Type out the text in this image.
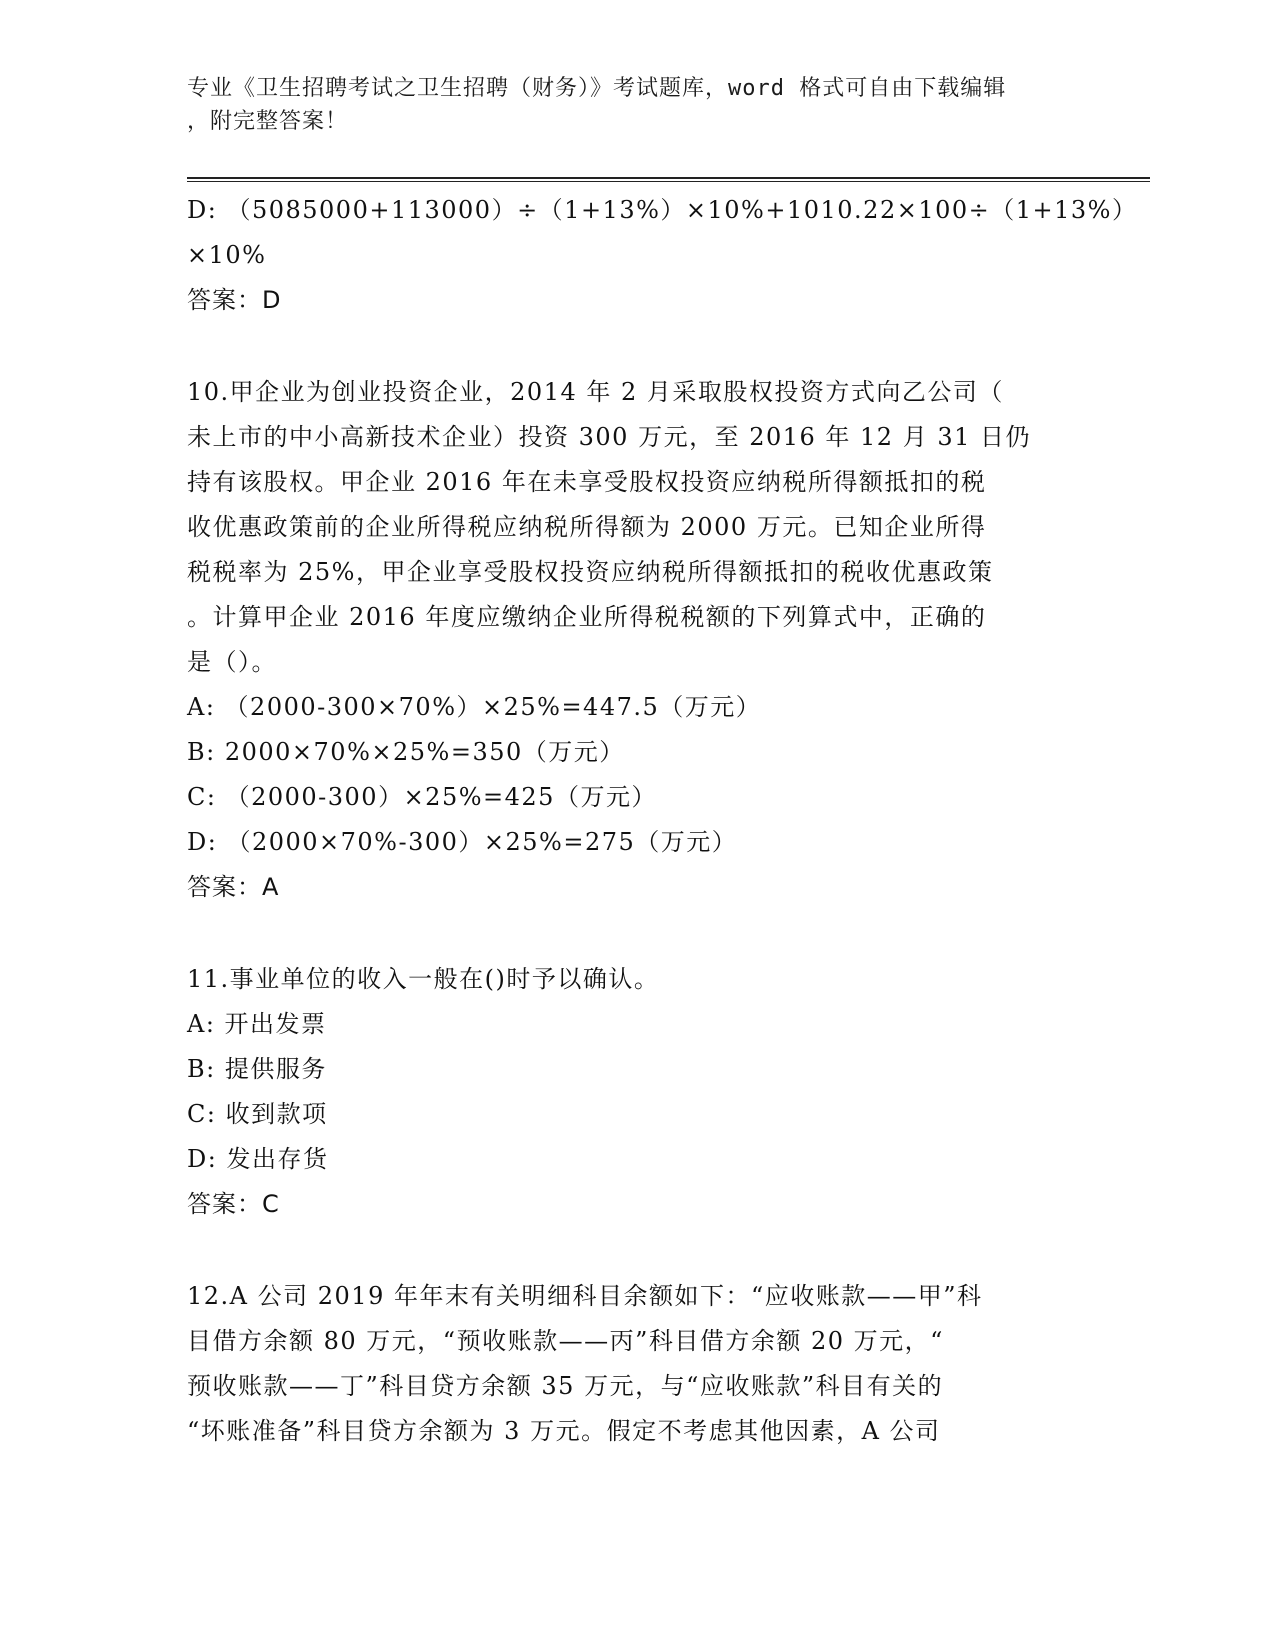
专业《卫生招聘考试之卫生招聘（财务）》考试题库，word 格式可自由下载编辑
，附完整答案！
D: （5085000+113000）÷（1+13%）×10%+1010.22×100÷（1+13%）
×10%
答案：D
10.甲企业为创业投资企业，2014 年 2 月采取股权投资方式向乙公司（
未上市的中小高新技术企业）投资 300 万元，至 2016 年 12 月 31 日仍
持有该股权。甲企业 2016 年在未享受股权投资应纳税所得额抵扣的税
收优惠政策前的企业所得税应纳税所得额为 2000 万元。已知企业所得
税税率为 25%，甲企业享受股权投资应纳税所得额抵扣的税收优惠政策
。计算甲企业 2016 年度应缴纳企业所得税税额的下列算式中，正确的
是（）。
A: （2000-300×70%）×25%=447.5（万元）
B: 2000×70%×25%=350（万元）
C: （2000-300）×25%=425（万元）
D: （2000×70%-300）×25%=275（万元）
答案：A
11.事业单位的收入一般在()时予以确认。
A: 开出发票
B: 提供服务
C: 收到款项
D: 发出存货
答案：C
12.A 公司 2019 年年末有关明细科目余额如下：“应收账款——甲”科
目借方余额 80 万元，“预收账款——丙”科目借方余额 20 万元，“
预收账款——丁”科目贷方余额 35 万元，与“应收账款”科目有关的
“坏账准备”科目贷方余额为 3 万元。假定不考虑其他因素，A 公司
